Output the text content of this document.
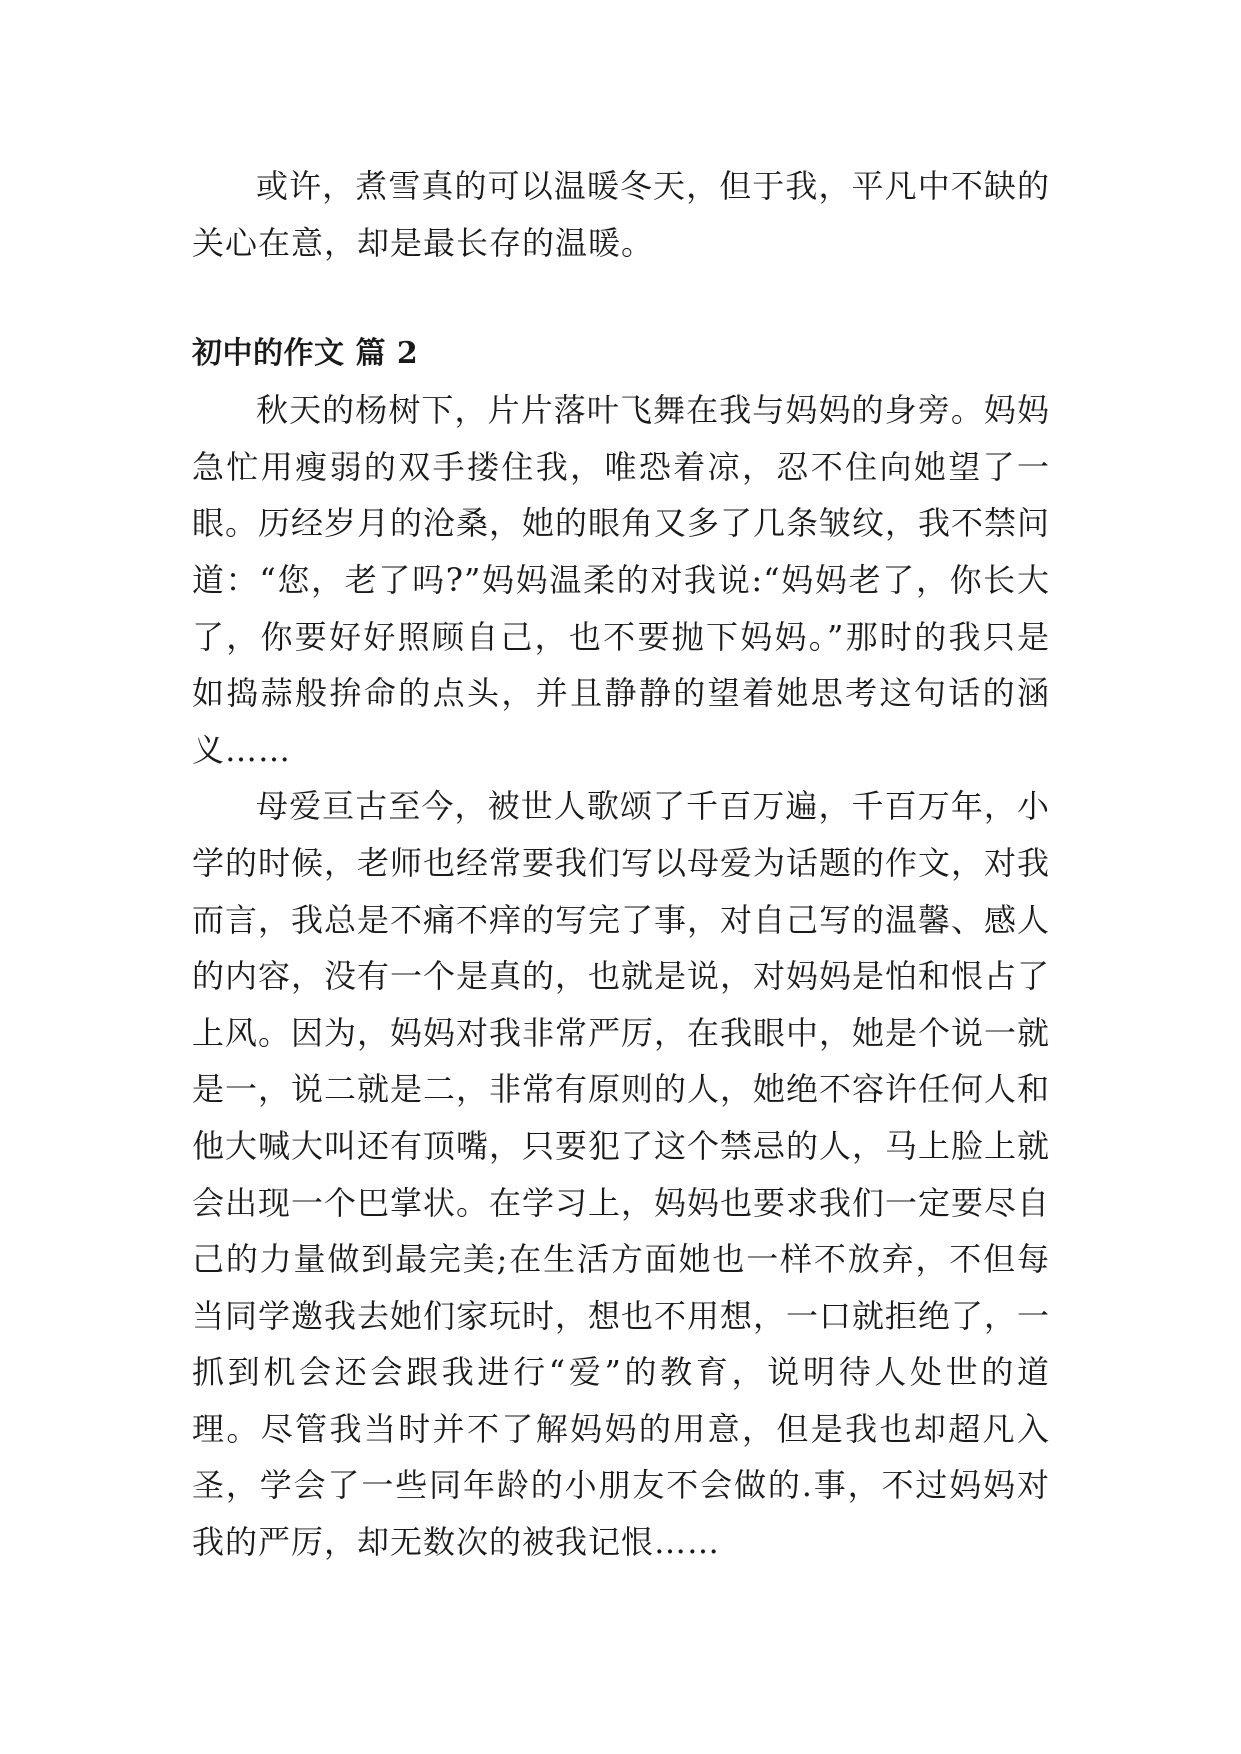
或许，煮雪真的可以温暖冬天，但于我，平凡中不缺的关心在意，却是最长存的温暖。

初中的作文 篇 2

秋天的杨树下，片片落叶飞舞在我与妈妈的身旁。妈妈急忙用瘦弱的双手搂住我，唯恐着凉，忍不住向她望了一眼。历经岁月的沧桑，她的眼角又多了几条皱纹，我不禁问道：“您，老了吗?”妈妈温柔的对我说:“妈妈老了，你长大了，你要好好照顾自己，也不要抛下妈妈。”那时的我只是如捣蒜般拚命的点头，并且静静的望着她思考这句话的涵义……

母爱亘古至今，被世人歌颂了千百万遍，千百万年，小学的时候，老师也经常要我们写以母爱为话题的作文，对我而言，我总是不痛不痒的写完了事，对自己写的温馨、感人的内容，没有一个是真的，也就是说，对妈妈是怕和恨占了上风。因为，妈妈对我非常严厉，在我眼中，她是个说一就是一，说二就是二，非常有原则的人，她绝不容许任何人和他大喊大叫还有顶嘴，只要犯了这个禁忌的人，马上脸上就会出现一个巴掌状。在学习上，妈妈也要求我们一定要尽自己的力量做到最完美;在生活方面她也一样不放弃，不但每当同学邀我去她们家玩时，想也不用想，一口就拒绝了，一抓到机会还会跟我进行“爱”的教育，说明待人处世的道理。尽管我当时并不了解妈妈的用意，但是我也却超凡入圣，学会了一些同年龄的小朋友不会做的.事，不过妈妈对我的严厉，却无数次的被我记恨……
